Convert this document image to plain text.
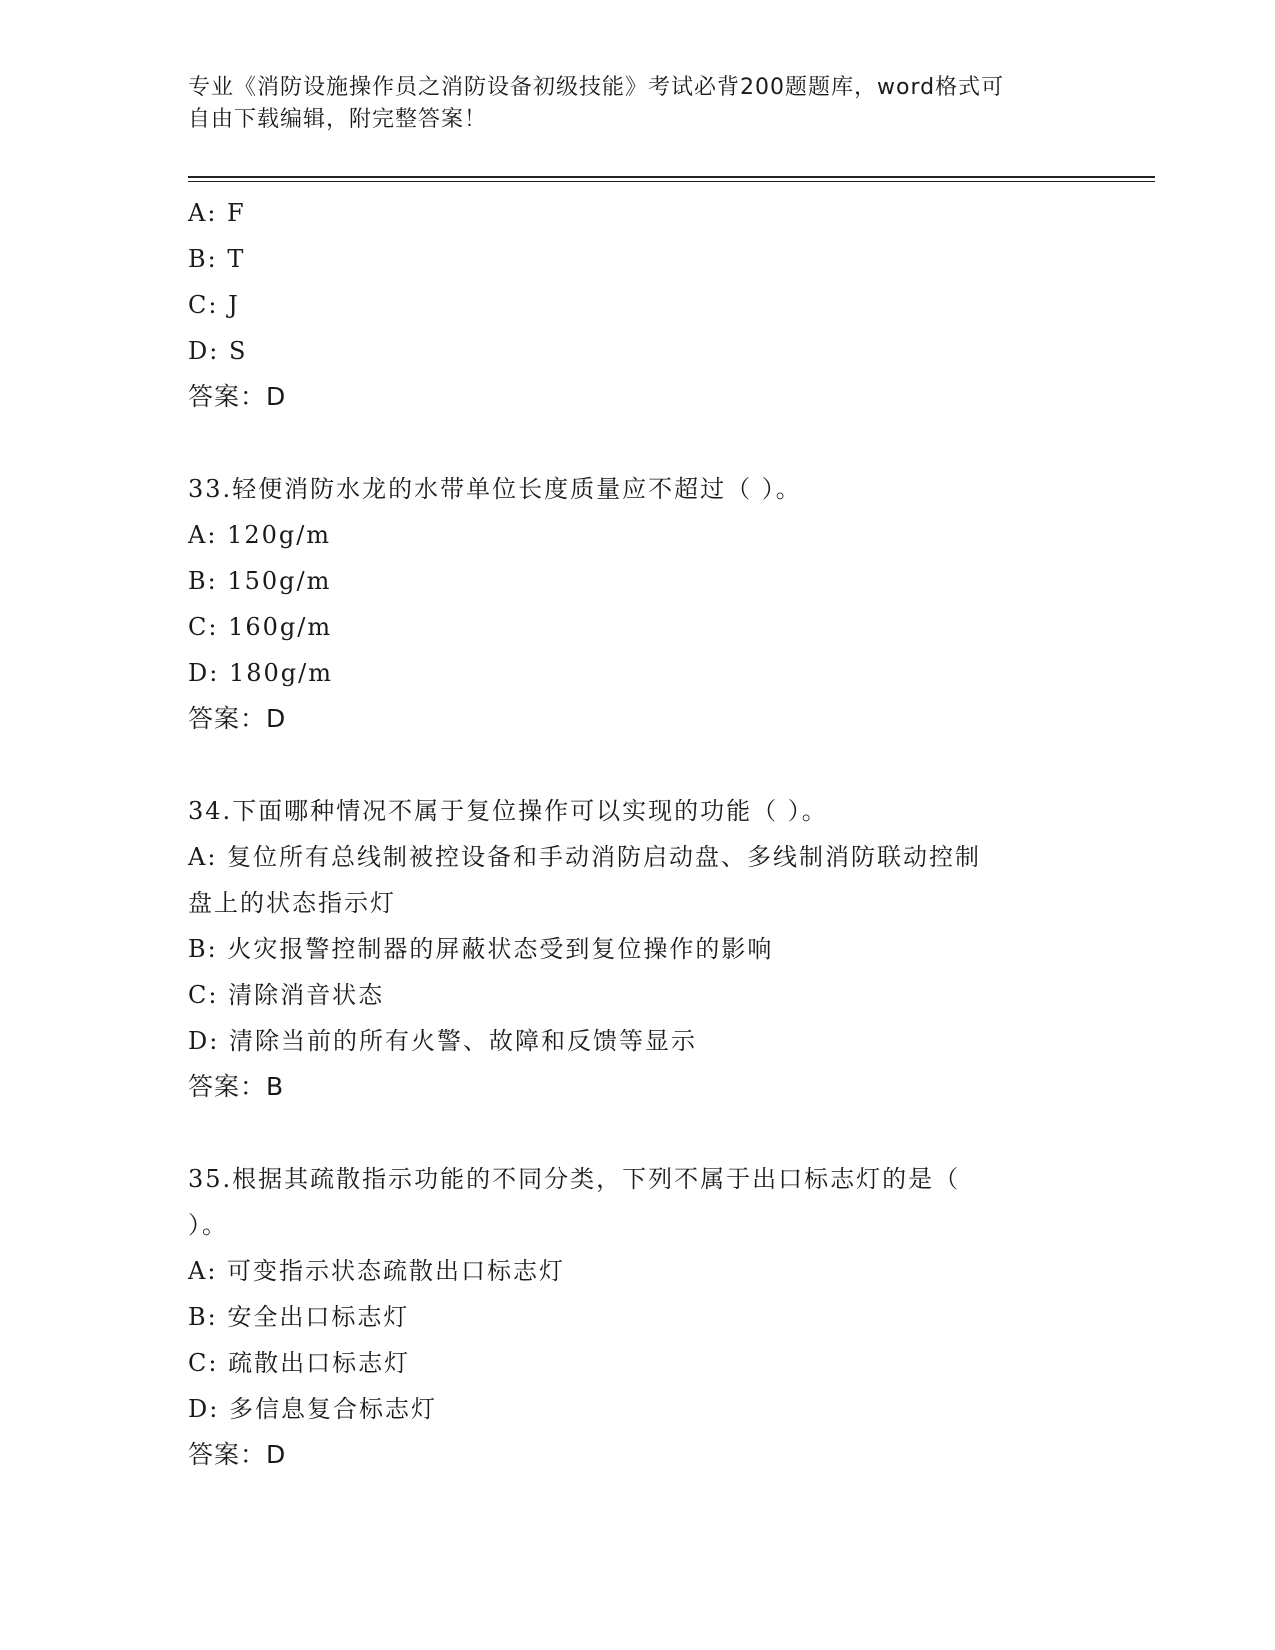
专业《消防设施操作员之消防设备初级技能》考试必背200题题库，word格式可
自由下载编辑，附完整答案！
A: F
B: T
C: J
D: S
答案：D
33.轻便消防水龙的水带单位长度质量应不超过（ ）。
A: 120g/m
B: 150g/m
C: 160g/m
D: 180g/m
答案：D
34.下面哪种情况不属于复位操作可以实现的功能（ ）。
A: 复位所有总线制被控设备和手动消防启动盘、多线制消防联动控制
盘上的状态指示灯
B: 火灾报警控制器的屏蔽状态受到复位操作的影响
C: 清除消音状态
D: 清除当前的所有火警、故障和反馈等显示
答案：B
35.根据其疏散指示功能的不同分类，下列不属于出口标志灯的是（
）。
A: 可变指示状态疏散出口标志灯
B: 安全出口标志灯
C: 疏散出口标志灯
D: 多信息复合标志灯
答案：D
